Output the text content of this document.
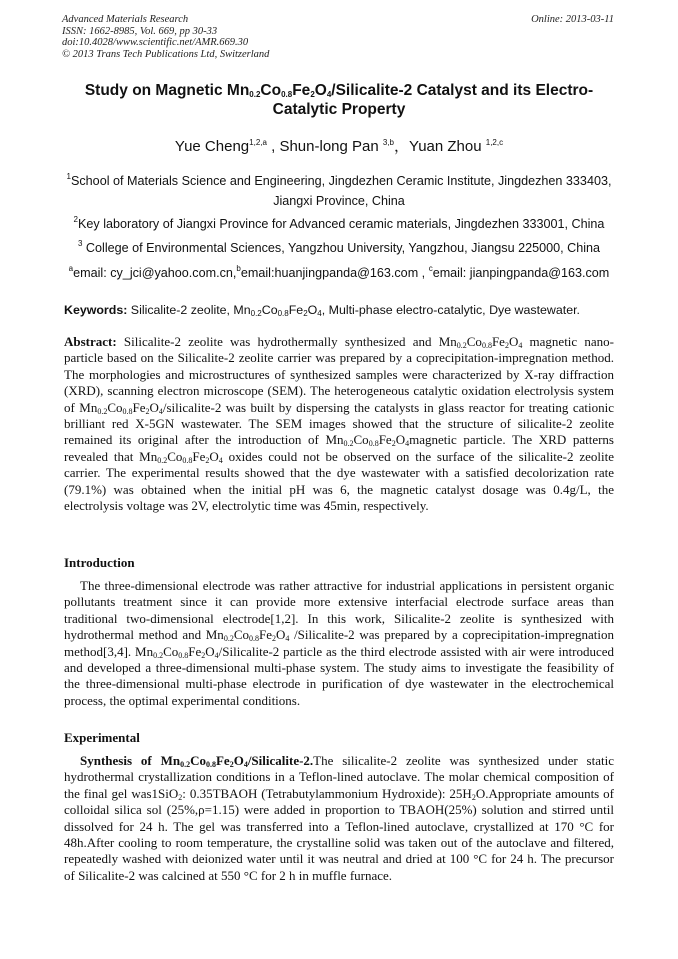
Advanced Materials Research
ISSN: 1662-8985, Vol. 669, pp 30-33
doi:10.4028/www.scientific.net/AMR.669.30
© 2013 Trans Tech Publications Ltd, Switzerland
Online: 2013-03-11
Study on Magnetic $Mn_{0.2}Co_{0.8}Fe_2O_4/Silicalite-2$ Catalyst and its Electro-Catalytic Property
Yue Cheng$^{1,2,a}$ , Shun-long Pan $^{3,b}$，Yuan Zhou $^{1,2,c}$
$^1$School of Materials Science and Engineering, Jingdezhen Ceramic Institute, Jingdezhen 333403,
Jiangxi Province, China
$^2$Key laboratory of Jiangxi Province for Advanced ceramic materials, Jingdezhen 333001, China
$^3$ College of Environmental Sciences, Yangzhou University, Yangzhou, Jiangsu 225000, China
$^a$email: cy_jci@yahoo.com.cn,$^b$email:huanjingpanda@163.com , $^c$email: jianpingpanda@163.com
Keywords: Silicalite-2 zeolite, $Mn_{0.2}Co_{0.8}Fe_2O_4$, Multi-phase electro-catalytic, Dye wastewater.
Abstract: Silicalite-2 zeolite was hydrothermally synthesized and $Mn_{0.2}Co_{0.8}Fe_2O_4$ magnetic nano-particle based on the Silicalite-2 zeolite carrier was prepared by a coprecipitation-impregnation method. The morphologies and microstructures of synthesized samples were characterized by X-ray diffraction (XRD), scanning electron microscope (SEM). The heterogeneous catalytic oxidation electrolysis system of $Mn_{0.2}Co_{0.8}Fe_2O_4/silicalite-2$ was built by dispersing the catalysts in glass reactor for treating cationic brilliant red X-5GN wastewater. The SEM images showed that the structure of silicalite-2 zeolite remained its original after the introduction of $Mn_{0.2}Co_{0.8}Fe_2O_4magnetic$ particle. The XRD patterns revealed that $Mn_{0.2}Co_{0.8}Fe_2O_4$ oxides could not be observed on the surface of the silicalite-2 zeolite carrier. The experimental results showed that the dye wastewater with a satisfied decolorization rate (79.1%) was obtained when the initial pH was 6, the magnetic catalyst dosage was 0.4g/L, the electrolysis voltage was 2V, electrolytic time was 45min, respectively.
Introduction
The three-dimensional electrode was rather attractive for industrial applications in persistent organic pollutants treatment since it can provide more extensive interfacial electrode surface areas than traditional two-dimensional electrode[1,2]. In this work, Silicalite-2 zeolite is synthesized with hydrothermal method and $Mn_{0.2}Co_{0.8}Fe_2O_4$ /Silicalite-2 was prepared by a coprecipitation-impregnation method[3,4]. $Mn_{0.2}Co_{0.8}Fe_2O_4/Silicalite-2$ particle as the third electrode assisted with air were introduced and developed a three-dimensional multi-phase system. The study aims to investigate the feasibility of the three-dimensional multi-phase electrode in purification of dye wastewater in the electrochemical process, the optimal experimental conditions.
Experimental
Synthesis of $Mn_{0.2}Co_{0.8}Fe_2O_4/Silicalite-2.The$ silicalite-2 zeolite was synthesized under static hydrothermal crystallization conditions in a Teflon-lined autoclave. The molar chemical composition of the final gel was1SiO$_2$: 0.35TBAOH (Tetrabutylammonium Hydroxide): $25H_2O.Appropriate$ amounts of colloidal silica sol (25%,ρ=1.15) were added in proportion to TBAOH(25%) solution and stirred until dissolved for 24 h. The gel was transferred into a Teflon-lined autoclave, crystallized at 170 °C for 48h.After cooling to room temperature, the crystalline solid was taken out of the autoclave and filtered, repeatedly washed with deionized water until it was neutral and dried at 100 °C for 24 h. The precursor of Silicalite-2 was calcined at 550 °C for 2 h in muffle furnace.
